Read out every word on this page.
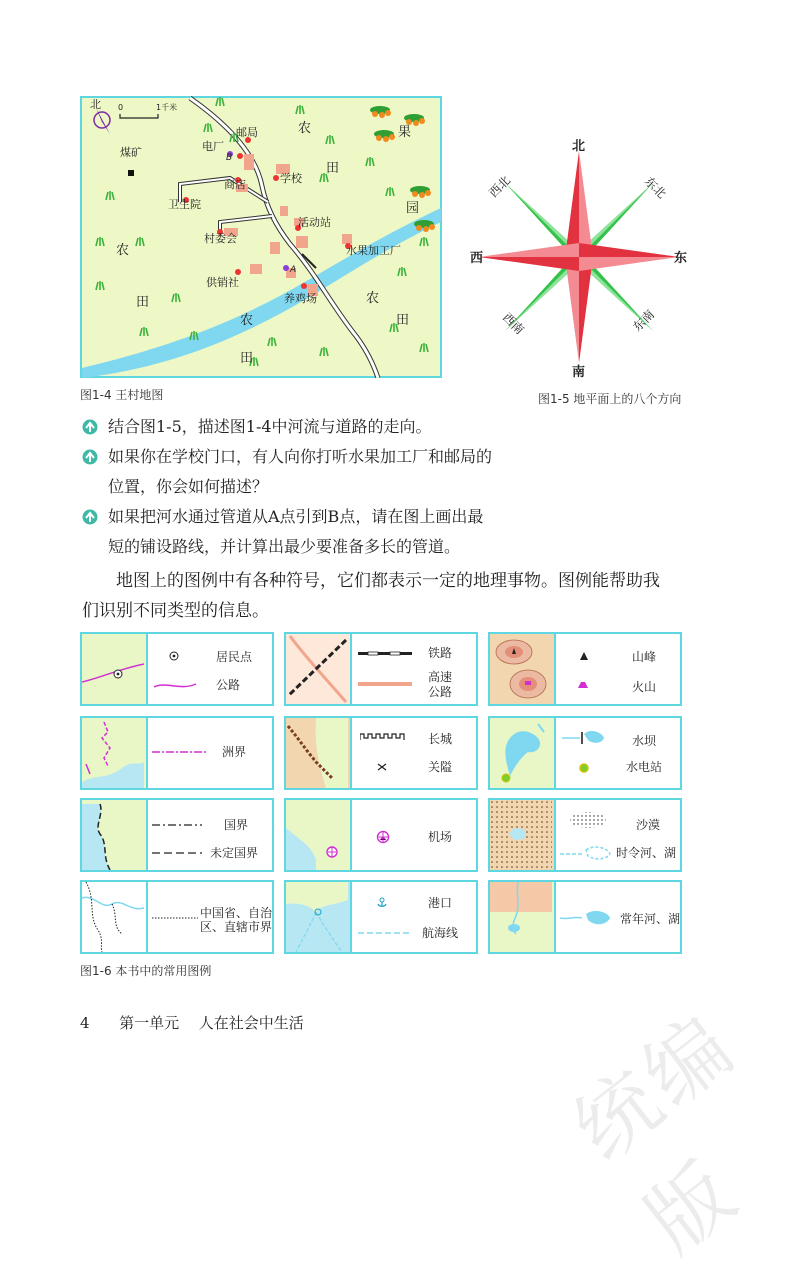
北 0	1千米
煤矿
邮局
电厂
B
商店	学校
卫生院
活动站
村委会
水果加工厂
供销社
A
养鸡场
农
田
果
园
农
田
农
田
农
田
图1-4 王村地图
北
南
东
西
东北
西北
东南
西南
图1-5 地平面上的八个方向
结合图1-5，描述图1-4中河流与道路的走向。
如果你在学校门口，有人向你打听水果加工厂和邮局的
位置，你会如何描述？
如果把河水通过管道从A点引到B点，请在图上画出最
短的铺设路线，并计算出最少要准备多长的管道。
地图上的图例中有各种符号，它们都表示一定的地理事物。图例能帮助我
们识别不同类型的信息。
居民点
公路
铁路
高速
公路
山峰
火山
洲界
长城
关隘
水坝
水电站
国界
未定国界
机场
沙漠
时令河、湖
中国省、自治
区、直辖市界
港口
航海线
常年河、湖
图1-6 本书中的常用图例
统编版
4 第一单元 人在社会中生活
